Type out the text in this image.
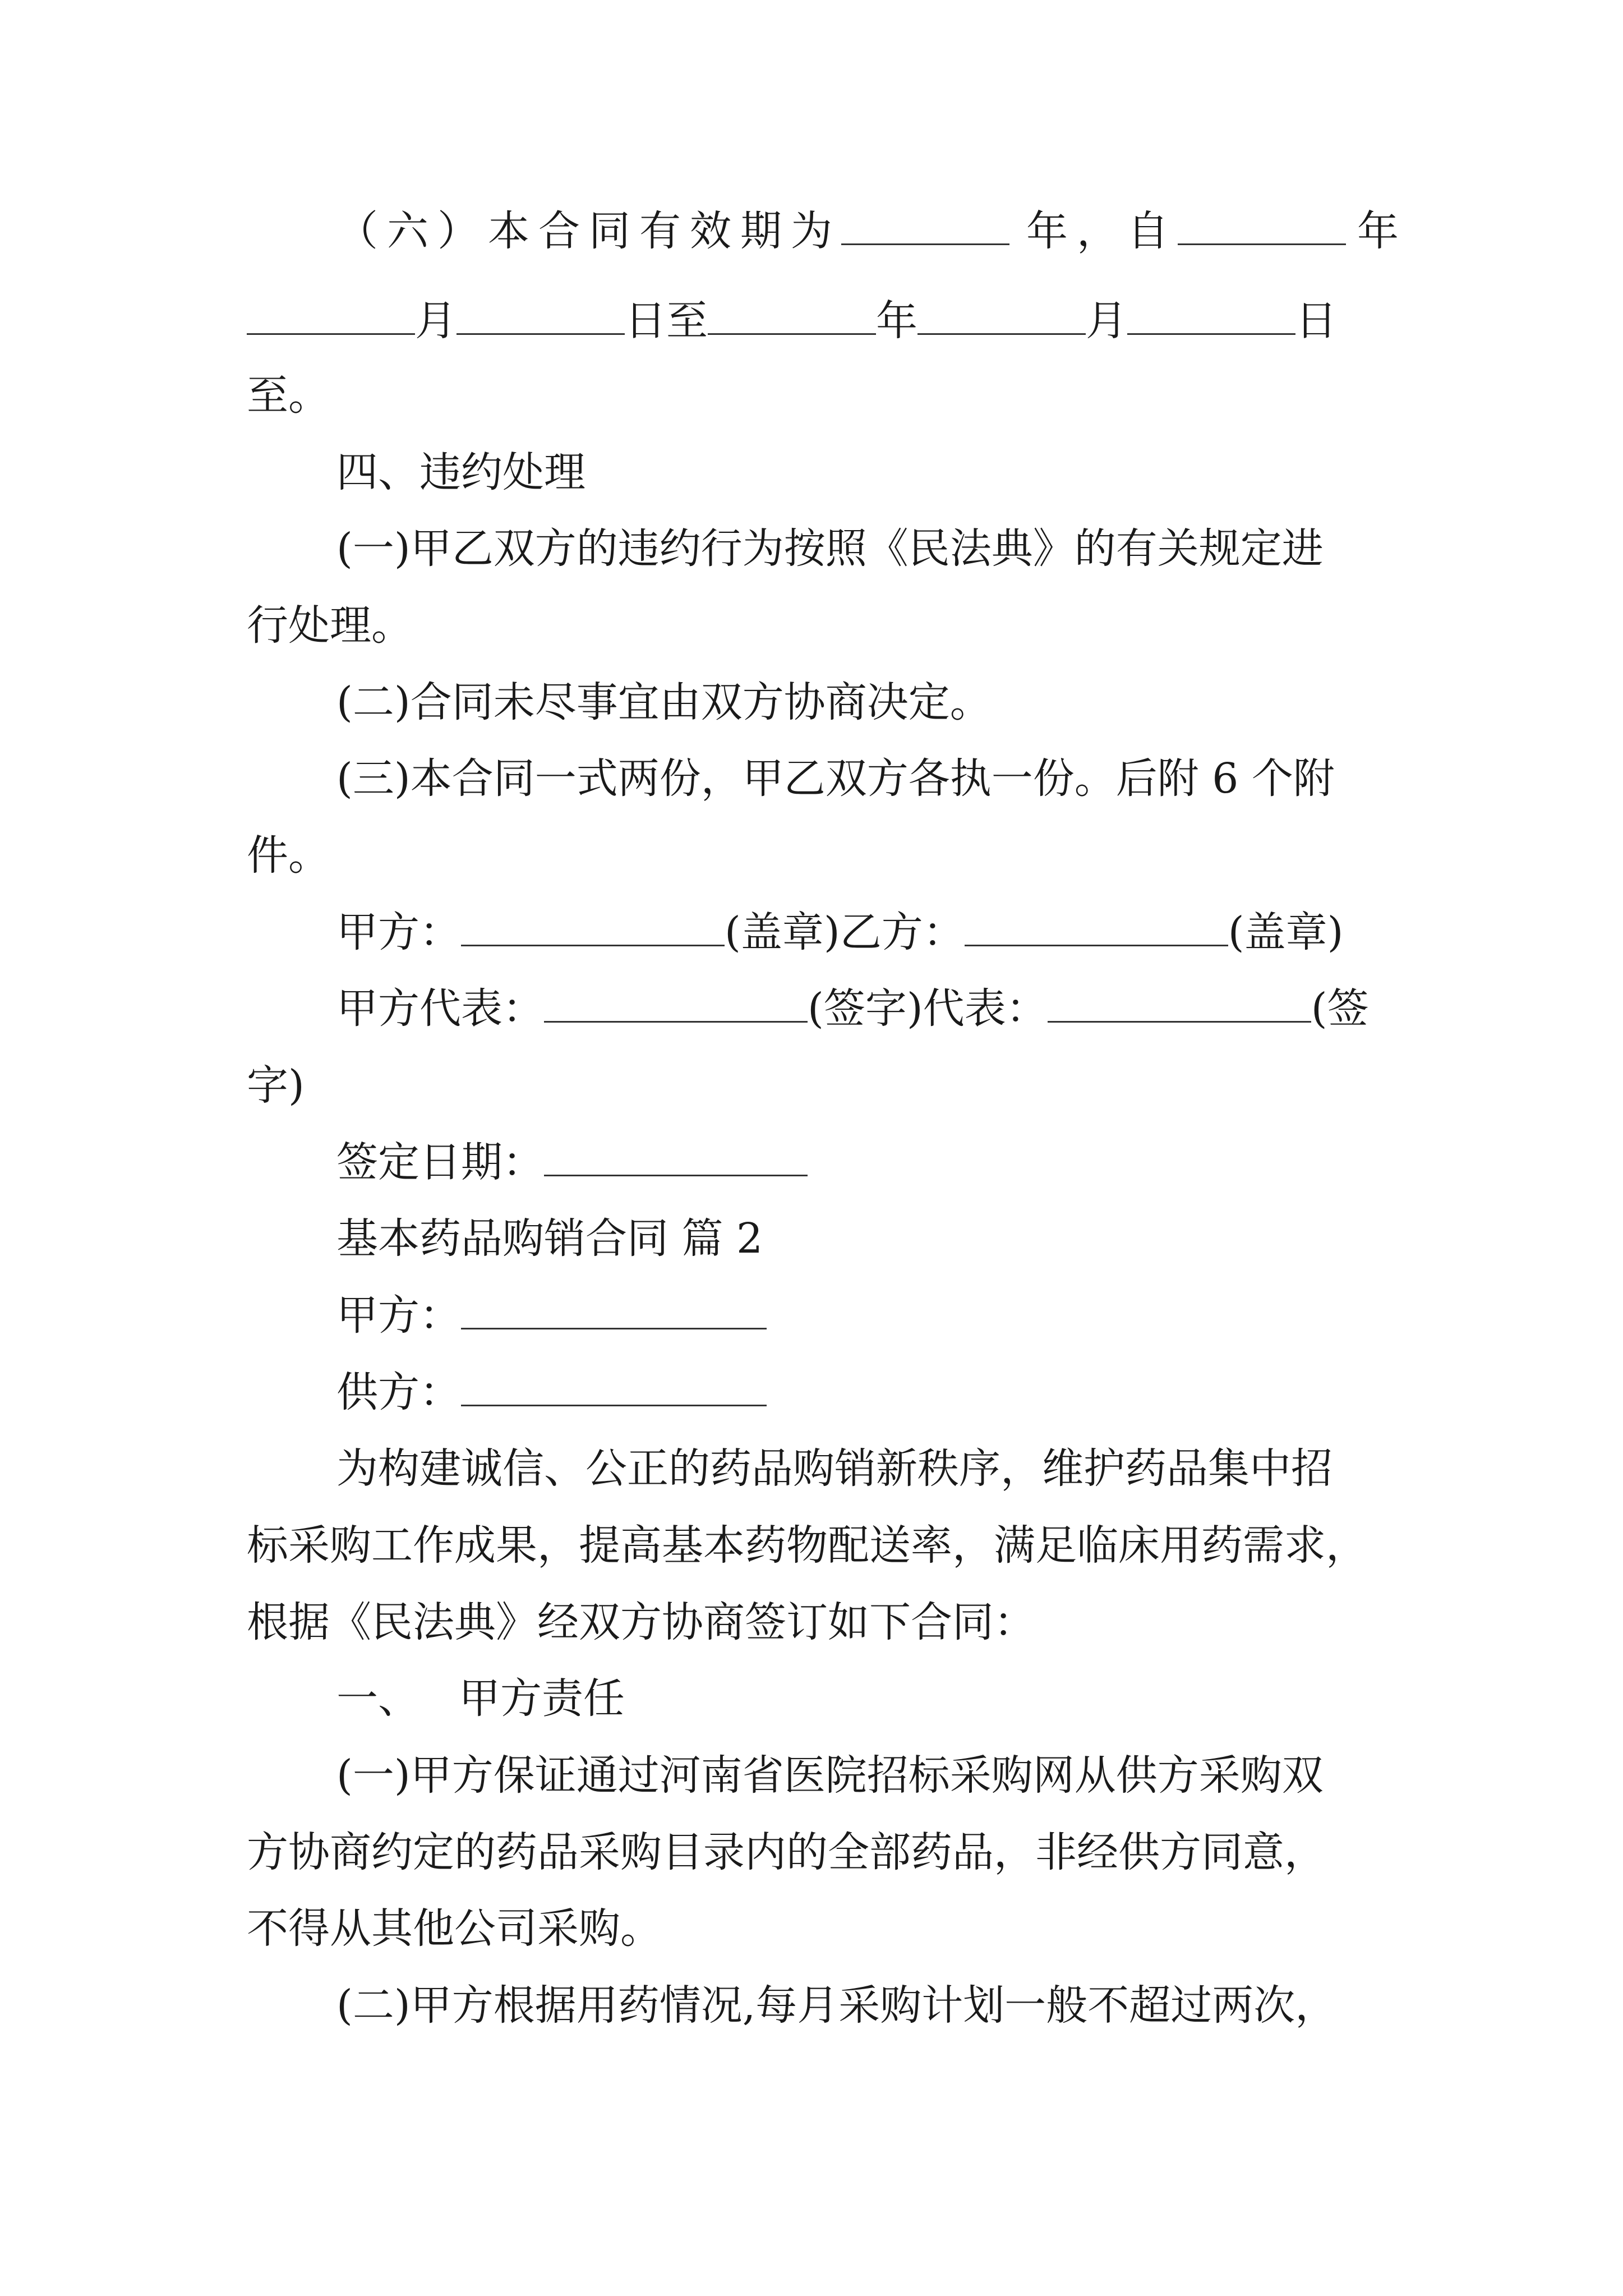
（六）本合同有效期为	年，自	年
月	日至	年	月	日
至。
四、违约处理
(一)甲乙双方的违约行为按照《民法典》的有关规定进
行处理。
(二)合同未尽事宜由双方协商决定。
(三)本合同一式两份，甲乙双方各执一份。后附 6 个附
件。
甲方：	(盖章)乙方：	(盖章)
甲方代表：	(签字)代表：	(签
字)
签定日期：
基本药品购销合同 篇 2
甲方：
供方：
为构建诚信、公正的药品购销新秩序，维护药品集中招
标采购工作成果，提高基本药物配送率，满足临床用药需求，
根据《民法典》经双方协商签订如下合同：
一、 甲方责任
(一)甲方保证通过河南省医院招标采购网从供方采购双
方协商约定的药品采购目录内的全部药品，非经供方同意，
不得从其他公司采购。
(二)甲方根据用药情况,每月采购计划一般不超过两次，
